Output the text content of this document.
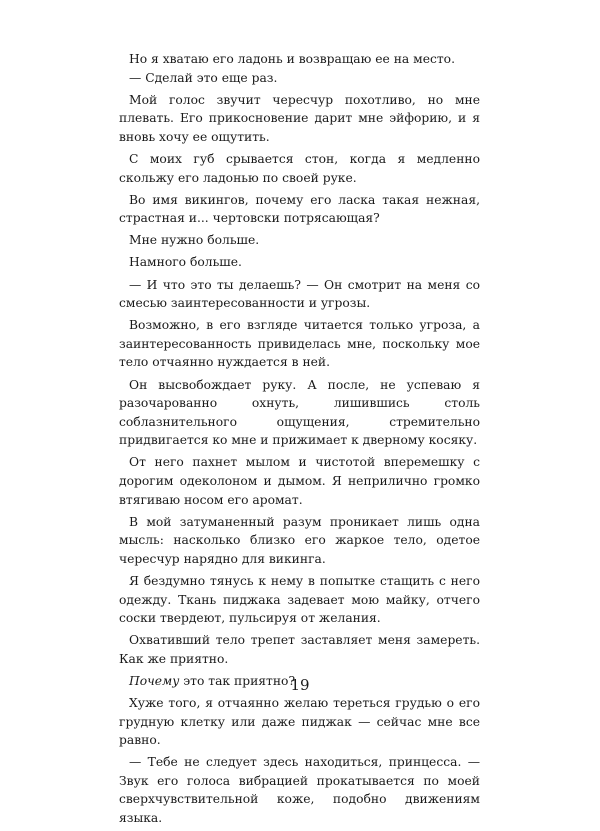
Но я хватаю его ладонь и возвращаю ее на место.

— Сделай это еще раз.

Мой голос звучит чересчур похотливо, но мне плевать. Его прикосновение дарит мне эйфорию, и я вновь хочу ее ощутить.

С моих губ срывается стон, когда я медленно скольжу его ладонью по своей руке.

Во имя викингов, почему его ласка такая нежная, страстная и... чертовски потрясающая?

Мне нужно больше.

Намного больше.

— И что это ты делаешь? — Он смотрит на меня со смесью заинтересованности и угрозы.

Возможно, в его взгляде читается только угроза, а заинтересованность привиделась мне, поскольку мое тело отчаянно нуждается в ней.

Он высвобождает руку. А после, не успеваю я разочарованно охнуть, лишившись столь соблазнительного ощущения, стремительно придвигается ко мне и прижимает к дверному косяку.

От него пахнет мылом и чистотой вперемешку с дорогим одеколоном и дымом. Я неприлично громко втягиваю носом его аромат.

В мой затуманенный разум проникает лишь одна мысль: насколько близко его жаркое тело, одетое чересчур нарядно для викинга.

Я бездумно тянусь к нему в попытке стащить с него одежду. Ткань пиджака задевает мою майку, отчего соски твердеют, пульсируя от желания.

Охвативший тело трепет заставляет меня замереть. Как же приятно.

Почему это так приятно?

Хуже того, я отчаянно желаю тереться грудью о его грудную клетку или даже пиджак — сейчас мне все равно.

— Тебе не следует здесь находиться, принцесса. — Звук его голоса вибрацией прокатывается по моей сверхчувствительной коже, подобно движениям языка.

19
